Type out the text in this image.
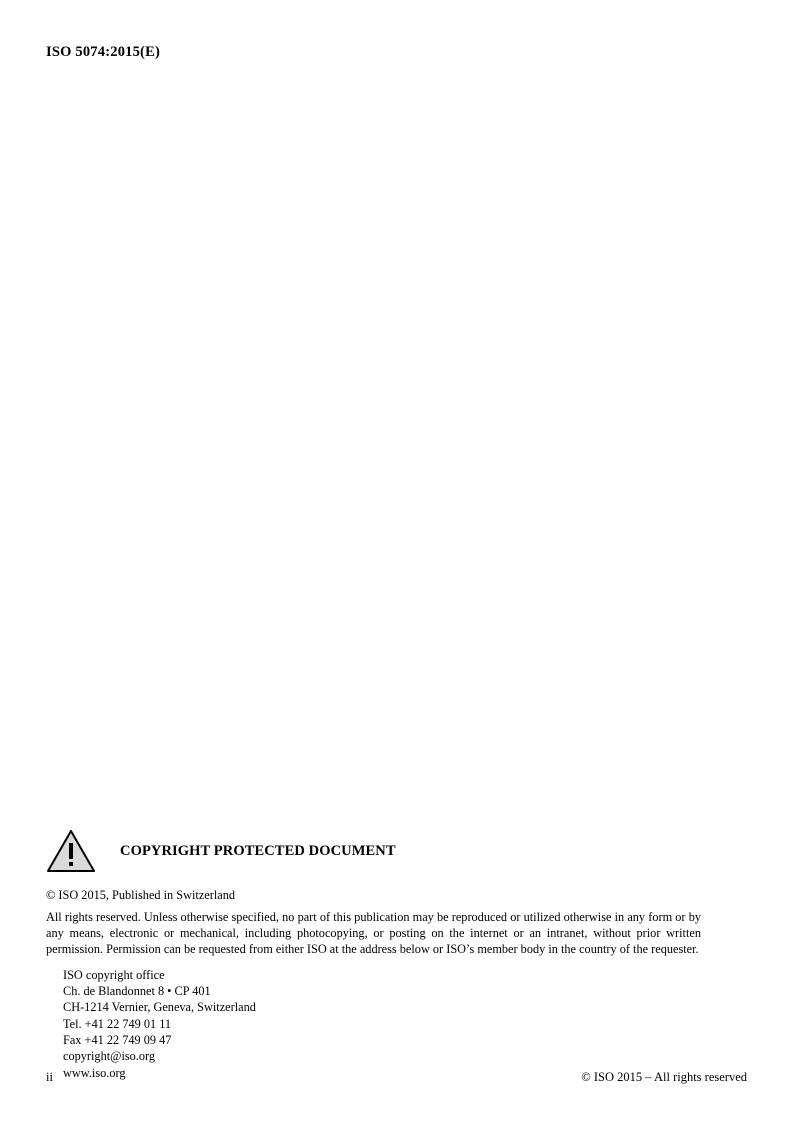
ISO 5074:2015(E)
COPYRIGHT PROTECTED DOCUMENT
© ISO 2015, Published in Switzerland
All rights reserved. Unless otherwise specified, no part of this publication may be reproduced or utilized otherwise in any form or by any means, electronic or mechanical, including photocopying, or posting on the internet or an intranet, without prior written permission. Permission can be requested from either ISO at the address below or ISO’s member body in the country of the requester.
ISO copyright office
Ch. de Blandonnet 8 • CP 401
CH-1214 Vernier, Geneva, Switzerland
Tel. +41 22 749 01 11
Fax +41 22 749 09 47
copyright@iso.org
www.iso.org
ii	© ISO 2015 – All rights reserved
